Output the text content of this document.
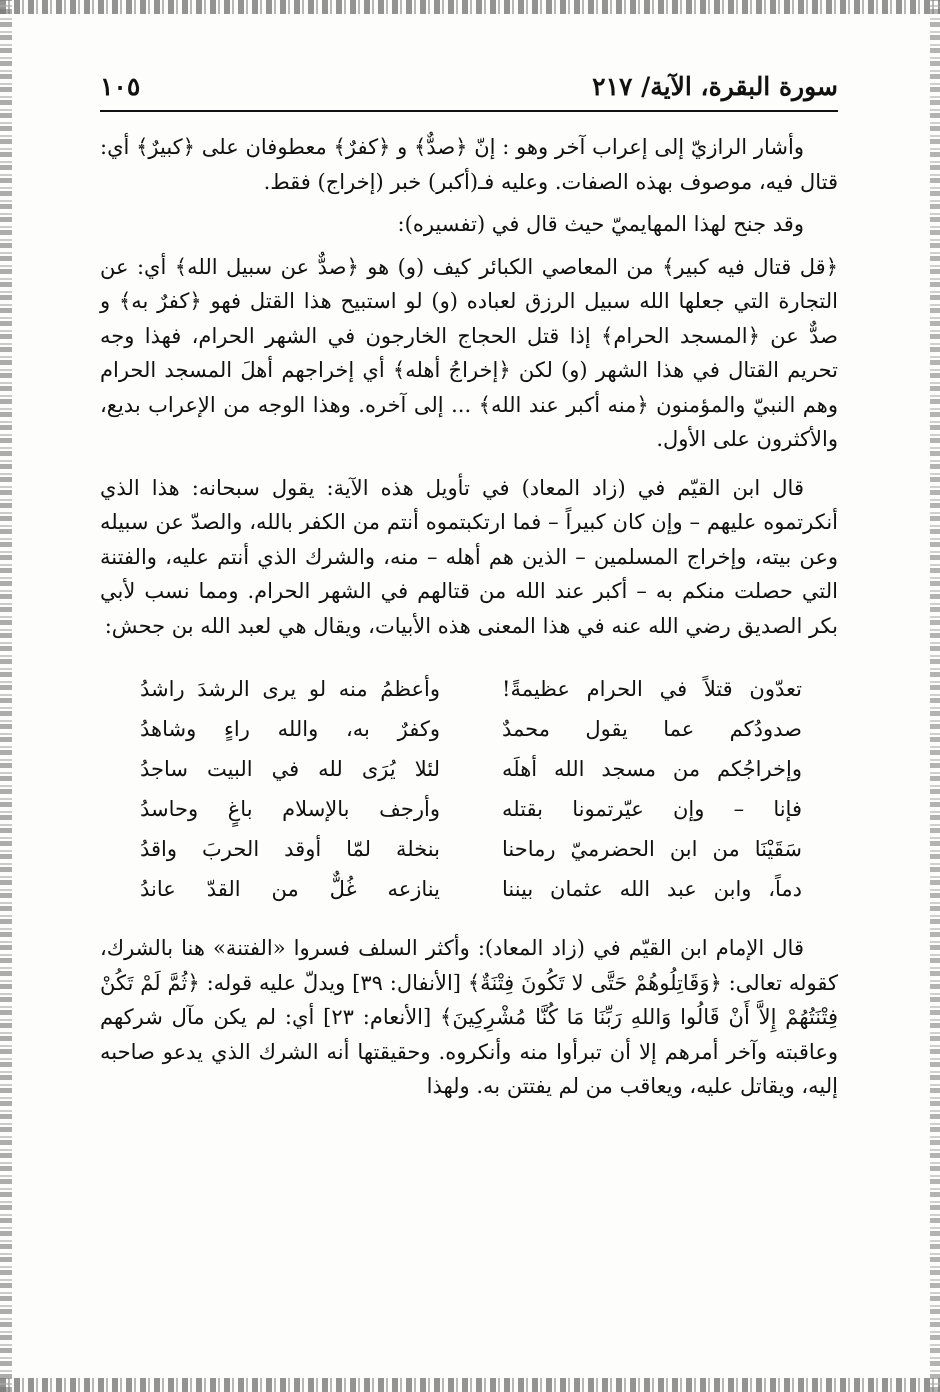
سورة البقرة، الآية/ ٢١٧
١٠٥

وأشار الرازيّ إلى إعراب آخر وهو : إنّ ﴿صدٌّ﴾ و ﴿كفرٌ﴾ معطوفان على ﴿كبيرٌ﴾ أي: قتال فيه، موصوف بهذه الصفات. وعليه فـ(أكبر) خبر (إخراج) فقط.

وقد جنح لهذا المهايميّ حيث قال في (تفسيره):

﴿قل قتال فيه كبير﴾ من المعاصي الكبائر كيف (و) هو ﴿صدٌّ عن سبيل الله﴾ أي: عن التجارة التي جعلها الله سبيل الرزق لعباده (و) لو استبيح هذا القتل فهو ﴿كفرٌ به﴾ و صدٌّ عن ﴿المسجد الحرام﴾ إذا قتل الحجاج الخارجون في الشهر الحرام، فهذا وجه تحريم القتال في هذا الشهر (و) لكن ﴿إخراجُ أهله﴾ أي إخراجهم أهلَ المسجد الحرام وهم النبيّ والمؤمنون ﴿منه أكبر عند الله﴾ ... إلى آخره. وهذا الوجه من الإعراب بديع، والأكثرون على الأول.

قال ابن القيّم في (زاد المعاد) في تأويل هذه الآية: يقول سبحانه: هذا الذي أنكرتموه عليهم – وإن كان كبيراً – فما ارتكبتموه أنتم من الكفر بالله، والصدّ عن سبيله وعن بيته، وإخراج المسلمين – الذين هم أهله – منه، والشرك الذي أنتم عليه، والفتنة التي حصلت منكم به – أكبر عند الله من قتالهم في الشهر الحرام. ومما نسب لأبي بكر الصديق رضي الله عنه في هذا المعنى هذه الأبيات، ويقال هي لعبد الله بن جحش:

تعدّون قتلاً في الحرام عظيمةً!
وأعظمُ منه لو يرى الرشدَ راشدُ
صدودُكم عما يقول محمدٌ
وكفرٌ به، والله راءٍ وشاهدُ
وإخراجُكم من مسجد الله أهلَه
لئلا يُرَى لله في البيت ساجدُ
فإنا – وإن عيّرتمونا بقتله
وأرجف بالإسلام باغٍ وحاسدُ
سَقَيْنَا من ابن الحضرميّ رماحنا
بنخلة لمّا أوقد الحربَ واقدُ
دماً، وابن عبد الله عثمان بيننا
ينازعه غُلٌّ من القدّ عاندُ

قال الإمام ابن القيّم في (زاد المعاد): وأكثر السلف فسروا «الفتنة» هنا بالشرك، كقوله تعالى: ﴿وَقَاتِلُوهُمْ حَتَّى لا تَكُونَ فِتْنَةٌ﴾ [الأنفال: ٣٩] ويدلّ عليه قوله: ﴿ثُمَّ لَمْ تَكُنْ فِتْنَتُهُمْ إِلاَّ أَنْ قَالُوا وَاللهِ رَبِّنَا مَا كُنَّا مُشْرِكِينَ﴾ [الأنعام: ٢٣] أي: لم يكن مآل شركهم وعاقبته وآخر أمرهم إلا أن تبرأوا منه وأنكروه. وحقيقتها أنه الشرك الذي يدعو صاحبه إليه، ويقاتل عليه، ويعاقب من لم يفتتن به. ولهذا
